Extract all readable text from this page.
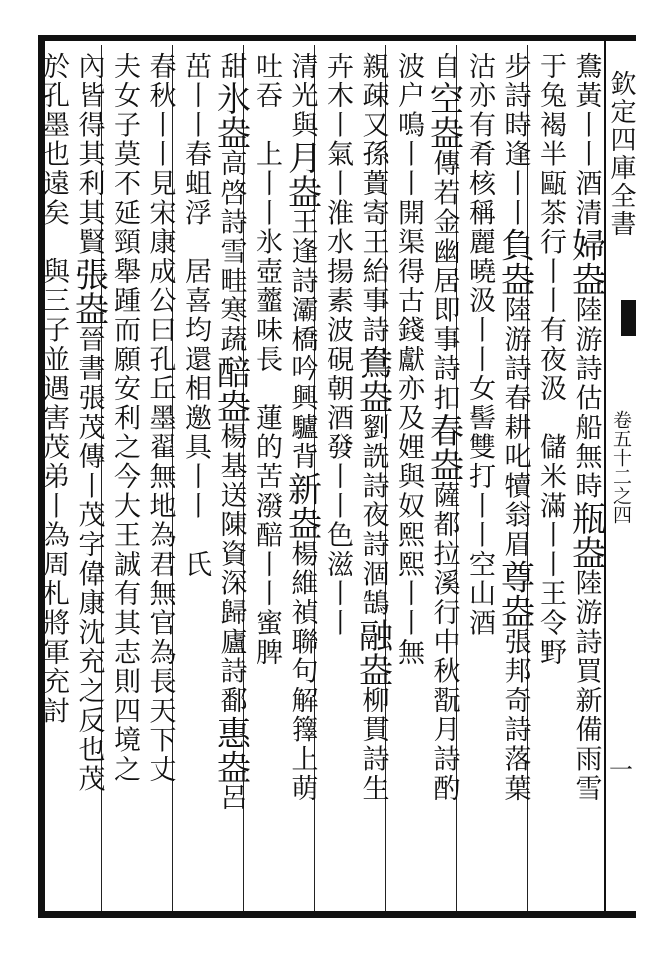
欽定四庫全書
卷五十二之四
一
鴦黃丨丨酒清婦盎陸游詩估船無時瓶盎陸游詩買新備雨雪
于兔褐半甌茶行丨丨有夜汲　儲米滿丨丨王令野
步詩時逢丨丨負盎陸游詩春耕叱犢翁眉尊盎張邦奇詩落葉
沽亦有肴核稱麗曉汲丨丨女髻雙打丨丨空山酒
自空盎傳若金幽居即事詩扣春盎薩都拉溪行中秋翫月詩酌
波户鳴丨丨開渠得古錢獻亦及娌與奴熙熙丨丨無
親疎又孫蕢寄王紿事詩鴦盎劉詵詩夜詩涸鵠融盎柳貫詩生
卉木丨氣丨淮水揚素波硯朝酒發丨丨色滋丨丨
清光與月盎王逢詩灞橋吟興驢背新盎楊維禎聯句解籜上萌
吐吞　上丨丨氷壺虀味長　蓮的苦潑醅丨丨蜜脾
甜氷盎高啓詩雪畦寒蔬醅盎楊基送陳資深歸廬詩鄱惠盎呂
茁丨丨春蛆浮　居喜均還相邀具丨丨　氏
春秋丨丨見宋康成公曰孔丘墨翟無地為君無官為長天下丈
夫女子莫不延頸舉踵而願安利之今大王誠有其志則四境之
內皆得其利其賢張盎晉書張茂傳丨茂字偉康沈充之反也茂
於孔墨也遠矣　與三子並遇害茂弟丨為周札將軍充討
